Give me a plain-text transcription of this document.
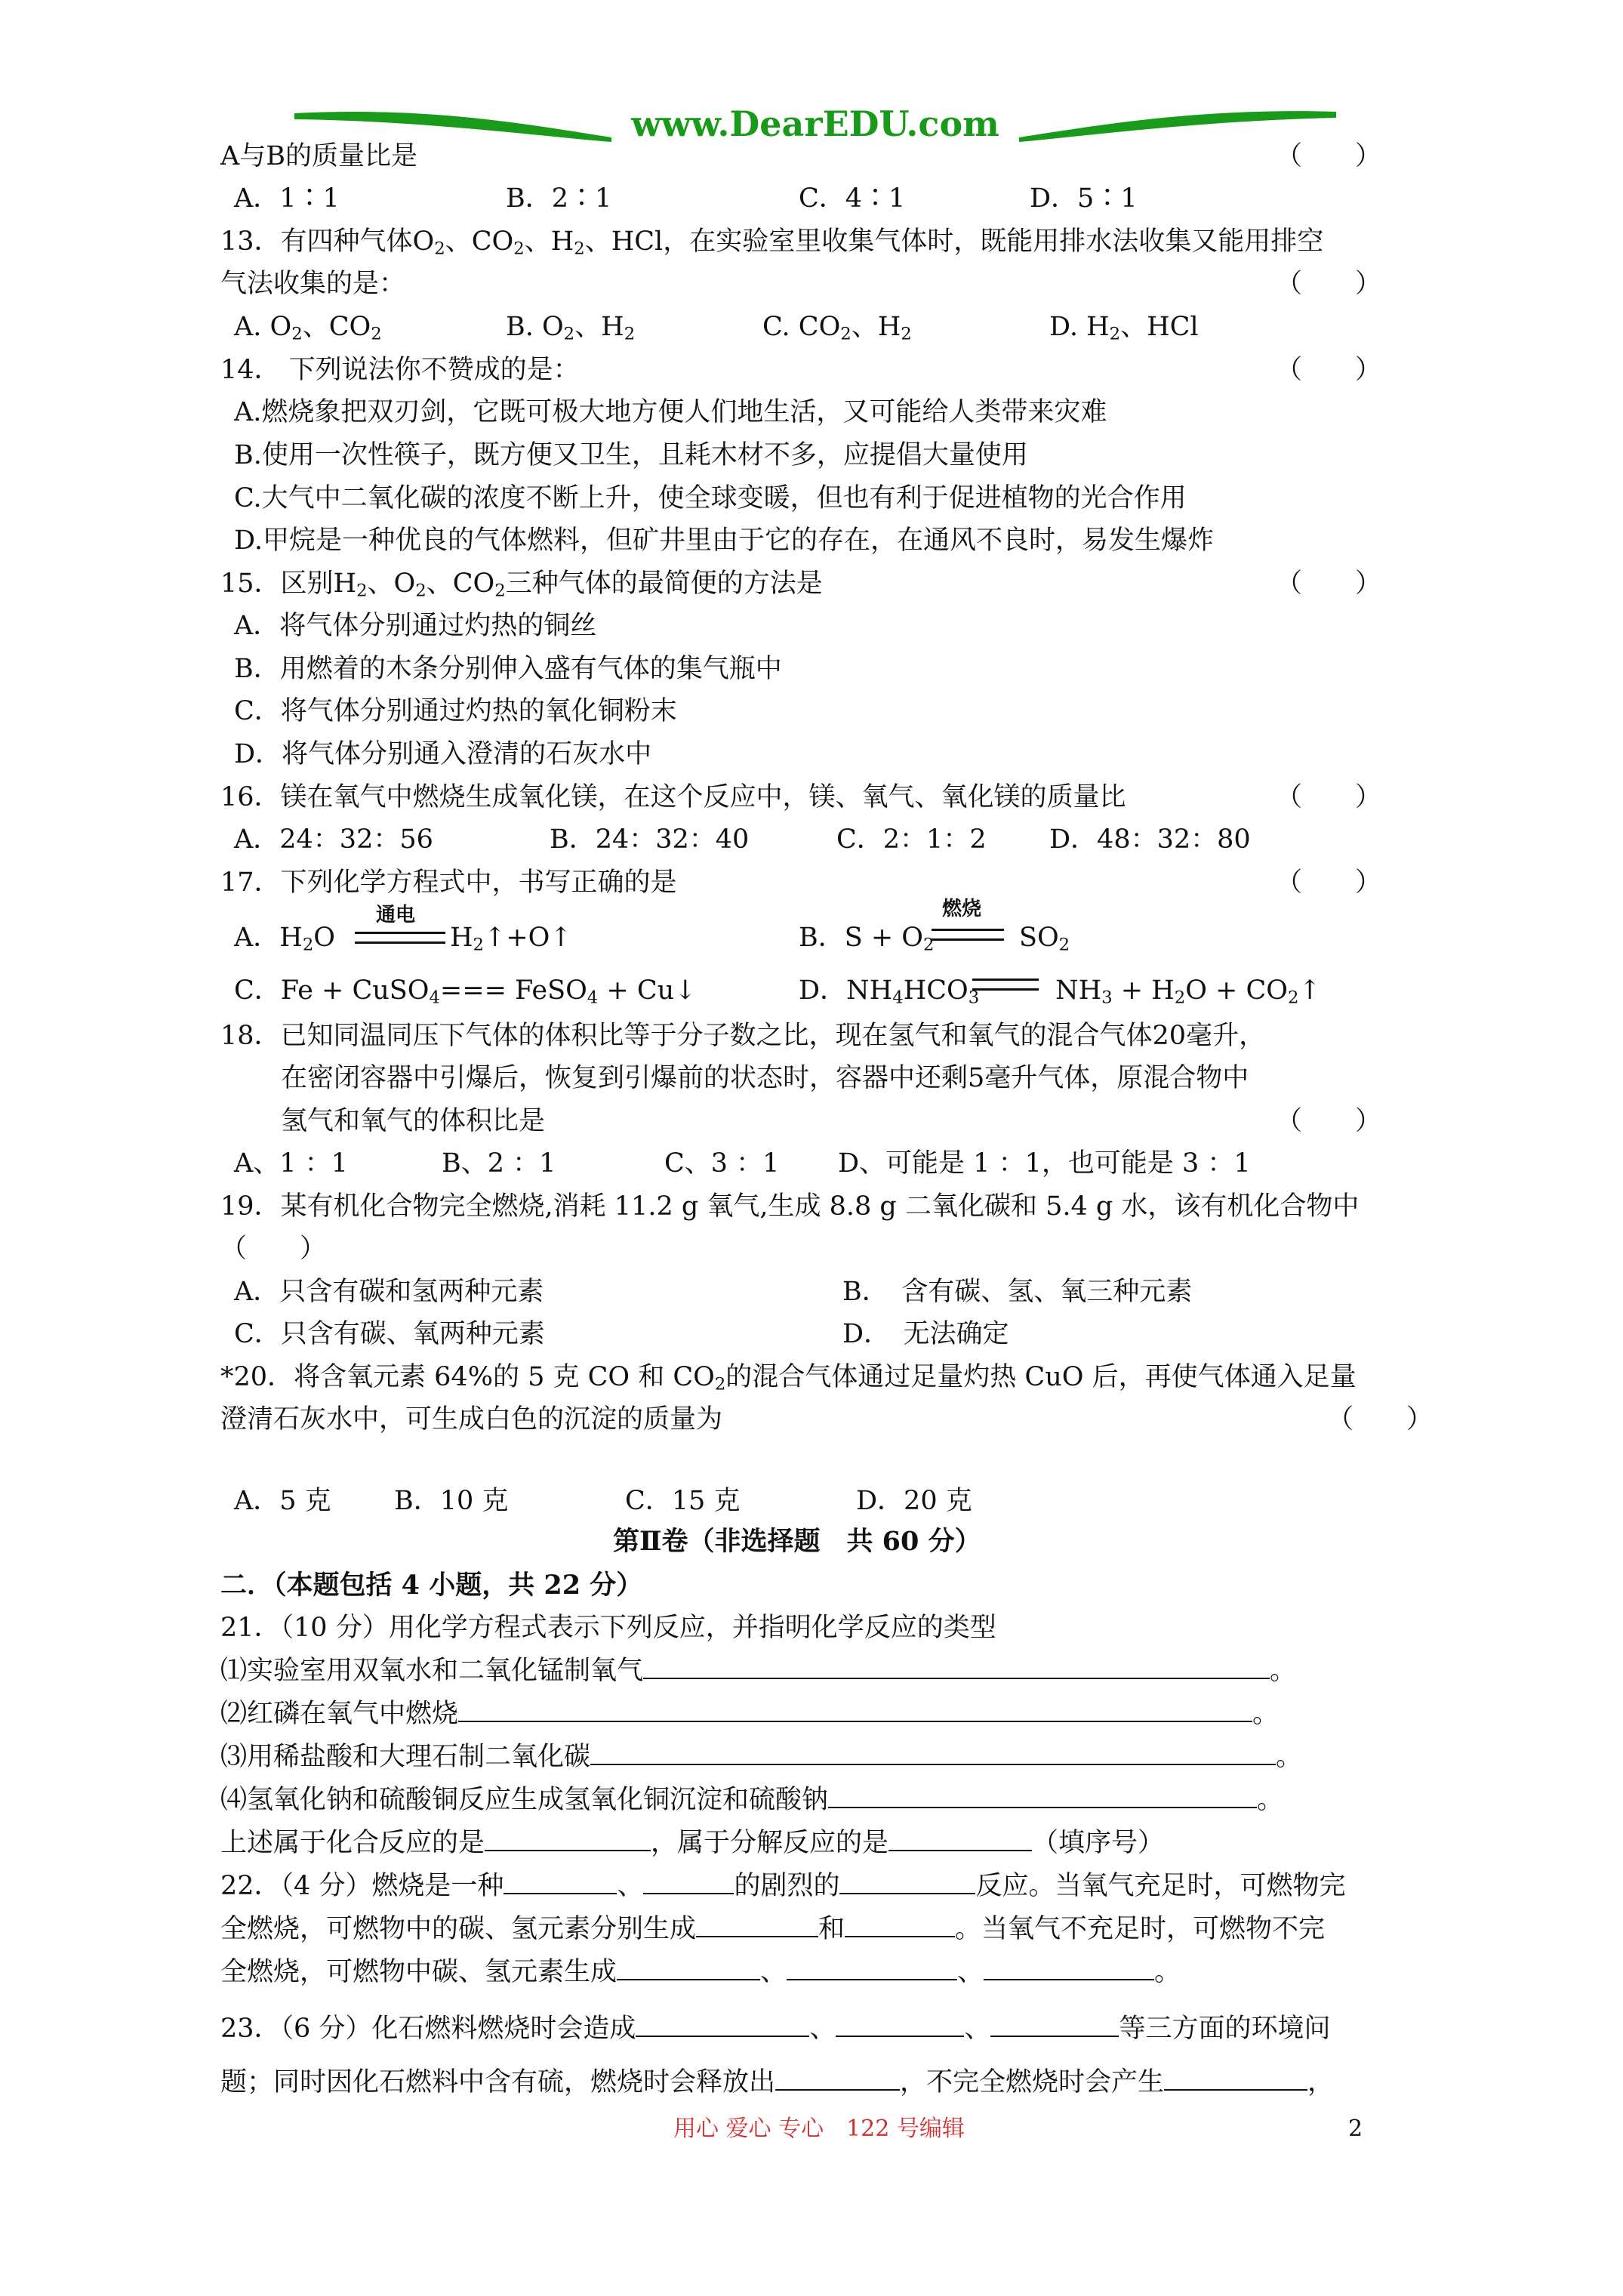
www.DearEDU.com
A与B的质量比是	（　　）
A．1∶1	B．2∶1	C．4∶1	D．5∶1
13．有四种气体$O_2$、$CO_2$、$H_2$、HCl，在实验室里收集气体时，既能用排水法收集又能用排空
气法收集的是：	（　　）
A. $O_2$、$CO_2$	B. $O_2$、$H_2$	C. $CO_2$、$H_2$	D. $H_2$、HCl
14． 下列说法你不赞成的是：	（　　）
A.燃烧象把双刃剑，它既可极大地方便人们地生活，又可能给人类带来灾难
B.使用一次性筷子，既方便又卫生，且耗木材不多，应提倡大量使用
C.大气中二氧化碳的浓度不断上升，使全球变暖，但也有利于促进植物的光合作用
D.甲烷是一种优良的气体燃料，但矿井里由于它的存在，在通风不良时，易发生爆炸
15．区别$H_2$、$O_2$、$CO_2$三种气体的最简便的方法是	（　　）
A．将气体分别通过灼热的铜丝
B．用燃着的木条分别伸入盛有气体的集气瓶中
C．将气体分别通过灼热的氧化铜粉末
D．将气体分别通入澄清的石灰水中
16．镁在氧气中燃烧生成氧化镁，在这个反应中，镁、氧气、氧化镁的质量比	（　　）
A．24：32：56	B．24：32：40	C．2：1：2 D．48：32：80
17．下列化学方程式中，书写正确的是	（　　）
A．$H_2O$
通电
$H_2↑+O↑$	B．$S + O_2$
燃烧
$SO_2$
C．Fe + CuSO$_4$=== FeSO$_4$ + Cu↓	D．$NH_4HCO_3$	$NH_3 + H_2O$ + $CO_2↑$
18．已知同温同压下气体的体积比等于分子数之比，现在氢气和氧气的混合气体20毫升，
在密闭容器中引爆后，恢复到引爆前的状态时，容器中还剩5毫升气体，原混合物中
氢气和氧气的体积比是	（　　）
A、1 ：1	B、2 ：1	C、3 ：1 D、可能是 1 ：1，也可能是 3 ：1
19．某有机化合物完全燃烧,消耗 11.2 g 氧气,生成 8.8 g 二氧化碳和 5.4 g 水，该有机化合物中
（　　）
A．只含有碳和氢两种元素	B．　含有碳、氢、氧三种元素
C．只含有碳、氧两种元素	D．　无法确定
*20．将含氧元素 64%的 5 克 CO 和 $CO_2$的混合气体通过足量灼热 CuO 后，再使气体通入足量
澄清石灰水中，可生成白色的沉淀的质量为	（　　）
A．5 克 B．10 克	C．15 克	D．20 克
第Ⅱ卷（非选择题　共 60 分）
二．（本题包括 4 小题，共 22 分）
21．（10 分）用化学方程式表示下列反应，并指明化学反应的类型
⑴实验室用双氧水和二氧化锰制氧气	。
⑵红磷在氧气中燃烧	。
⑶用稀盐酸和大理石制二氧化碳	。
⑷氢氧化钠和硫酸铜反应生成氢氧化铜沉淀和硫酸钠	。
上述属于化合反应的是	，属于分解反应的是	（填序号）
22．（4 分）燃烧是一种	、	的剧烈的	反应。当氧气充足时，可燃物完
全燃烧，可燃物中的碳、氢元素分别生成	和	。当氧气不充足时，可燃物不完
全燃烧，可燃物中碳、氢元素生成	、	、	。
23．（6 分）化石燃料燃烧时会造成	、	、	等三方面的环境问
题；同时因化石燃料中含有硫，燃烧时会释放出	，不完全燃烧时会产生	，
用心 爱心 专心　122 号编辑	2
